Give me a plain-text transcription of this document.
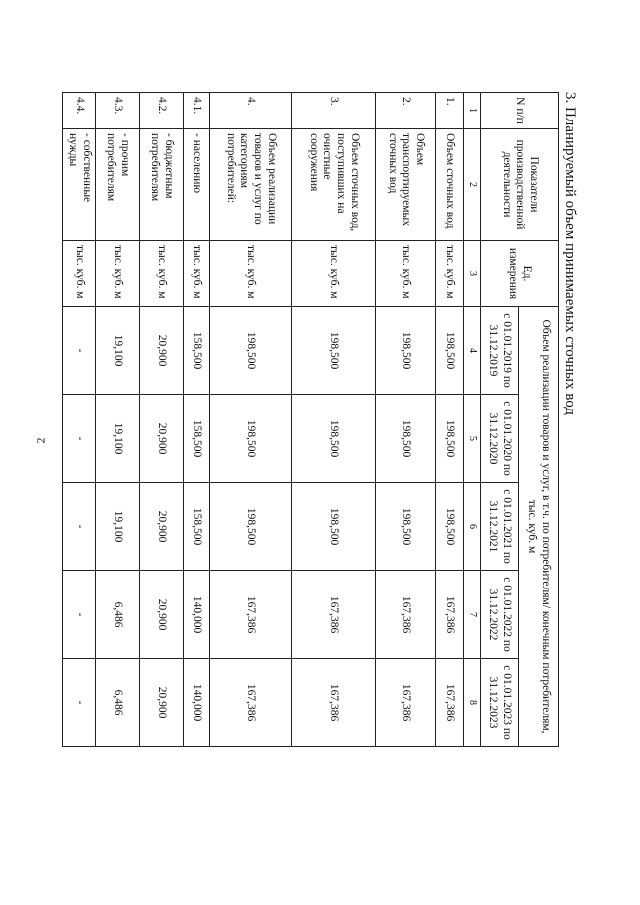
2
3. Планируемый объем принимаемых сточных вод
N п/п	Показатели производственной деятельности	Ед. измерения	Объем реализации товаров и услуг, в т.ч. по потребителям/ конечным потребителям, тыс. куб. м				
			с 01.01.2019 по 31.12.2019	с 01.01.2020 по 31.12.2020	с 01.01.2021 по 31.12.2021	с 01.01.2022 по 31.12.2022	с 01.01.2023 по 31.12.2023
1	2	3	4	5	6	7	8
1.	Объем сточных вод	тыс. куб. м	198,500	198,500	198,500	167,386	167,386
2.	Объем транспортируемых сточных вод	тыс. куб. м	198,500	198,500	198,500	167,386	167,386
3.	Объем сточных вод, поступивших на очистные сооружения	тыс. куб. м	198,500	198,500	198,500	167,386	167,386
4.	Объем реализации товаров и услуг по категориям потребителей:	тыс. куб. м	198,500	198,500	198,500	167,386	167,386
4.1.	- населению	тыс. куб. м	158,500	158,500	158,500	140,000	140,000
4.2.	- бюджетным потребителям	тыс. куб. м	20,900	20,900	20,900	20,900	20,900
4.3.	- прочим потребителям	тыс. куб. м	19,100	19,100	19,100	6,486	6,486
4.4.	- собственные нужды	тыс. куб. м	-	-	-	-	-
